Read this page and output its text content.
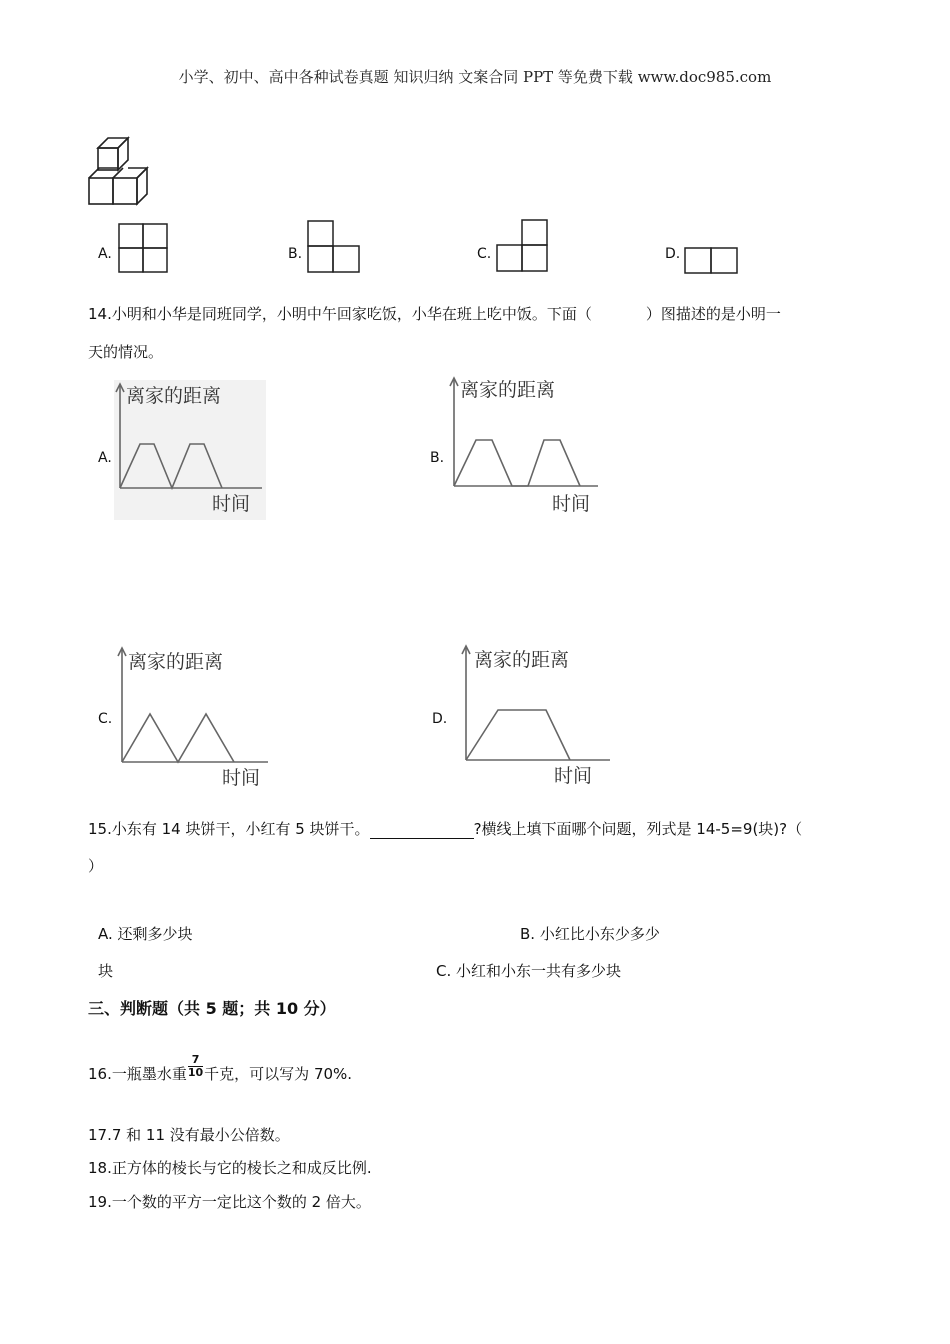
小学、初中、高中各种试卷真题 知识归纳 文案合同 PPT 等免费下载 www.doc985.com
A.	B.	C.	D.
14.小明和小华是同班同学，小明中午回家吃饭，小华在班上吃中饭。下面（	）图描述的是小明一
天的情况。
A.
离家的距离
时间
B.
离家的距离
时间
C.
离家的距离
时间
D.
离家的距离
时间
15.小东有 14 块饼干，小红有 5 块饼干。	?横线上填下面哪个问题，列式是 14-5=9(块)?（
）
A. 还剩多少块	B. 小红比小东少多少
块	C. 小红和小东一共有多少块
三、判断题（共 5 题；共 10 分）
16.一瓶墨水重 $\frac{7}{10}$ 千克，可以写为 70%.
17.7 和 11 没有最小公倍数。
18.正方体的棱长与它的棱长之和成反比例.
19.一个数的平方一定比这个数的 2 倍大。
